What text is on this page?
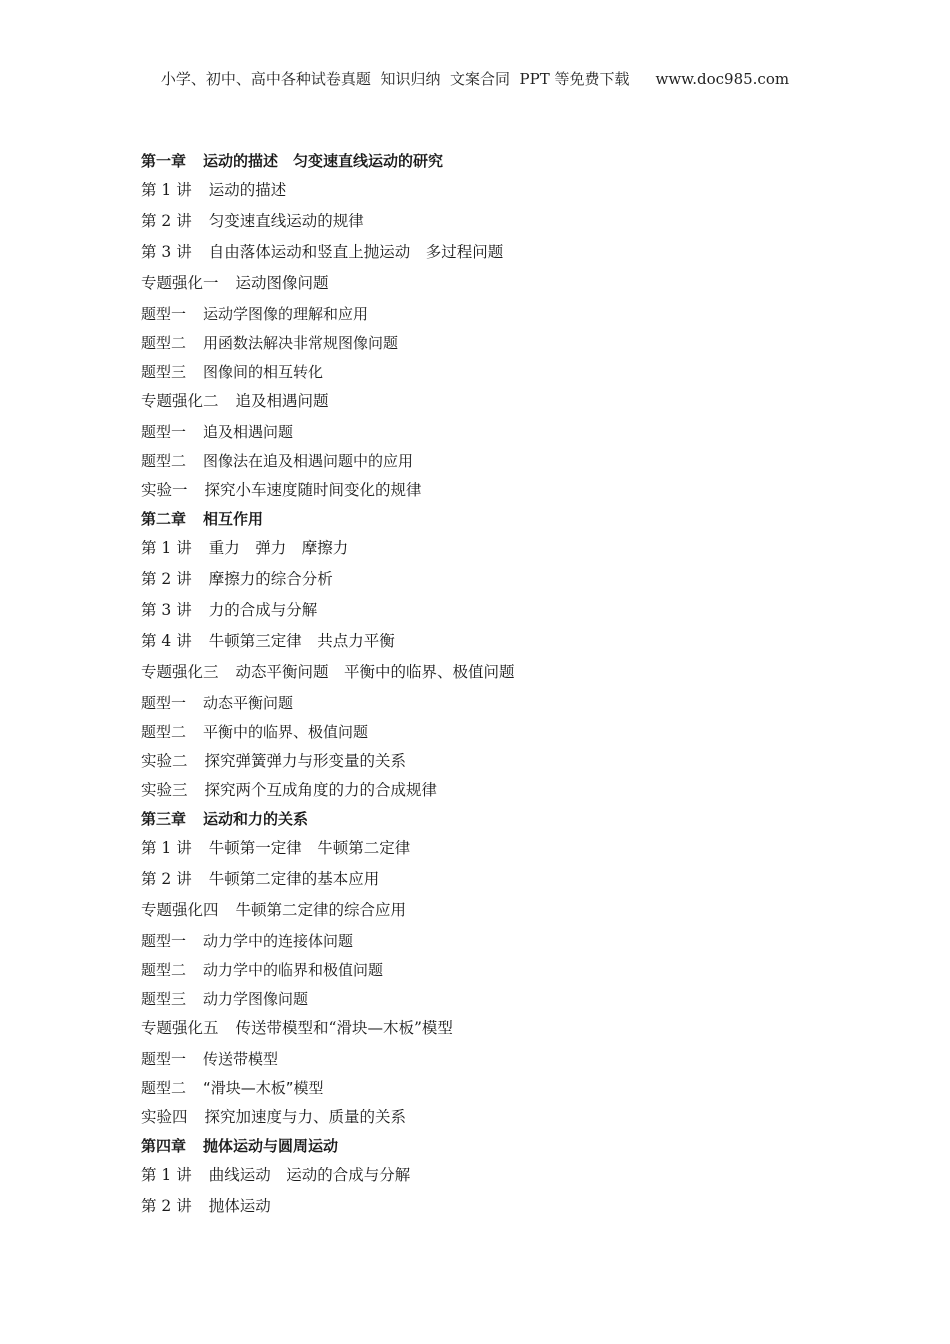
小学、初中、高中各种试卷真题  知识归纳  文案合同  PPT 等免费下载 www.doc985.com
第一章 运动的描述　匀变速直线运动的研究
第 1 讲 运动的描述
第 2 讲 匀变速直线运动的规律
第 3 讲 自由落体运动和竖直上抛运动　多过程问题
专题强化一 运动图像问题
题型一 运动学图像的理解和应用
题型二 用函数法解决非常规图像问题
题型三 图像间的相互转化
专题强化二 追及相遇问题
题型一 追及相遇问题
题型二 图像法在追及相遇问题中的应用
实验一 探究小车速度随时间变化的规律
第二章 相互作用
第 1 讲 重力　弹力　摩擦力
第 2 讲 摩擦力的综合分析
第 3 讲 力的合成与分解
第 4 讲 牛顿第三定律　共点力平衡
专题强化三 动态平衡问题　平衡中的临界、极值问题
题型一 动态平衡问题
题型二 平衡中的临界、极值问题
实验二 探究弹簧弹力与形变量的关系
实验三 探究两个互成角度的力的合成规律
第三章 运动和力的关系
第 1 讲 牛顿第一定律　牛顿第二定律
第 2 讲 牛顿第二定律的基本应用
专题强化四 牛顿第二定律的综合应用
题型一 动力学中的连接体问题
题型二 动力学中的临界和极值问题
题型三 动力学图像问题
专题强化五 传送带模型和“滑块—木板”模型
题型一 传送带模型
题型二 “滑块—木板”模型
实验四 探究加速度与力、质量的关系
第四章 抛体运动与圆周运动
第 1 讲 曲线运动　运动的合成与分解
第 2 讲 抛体运动
